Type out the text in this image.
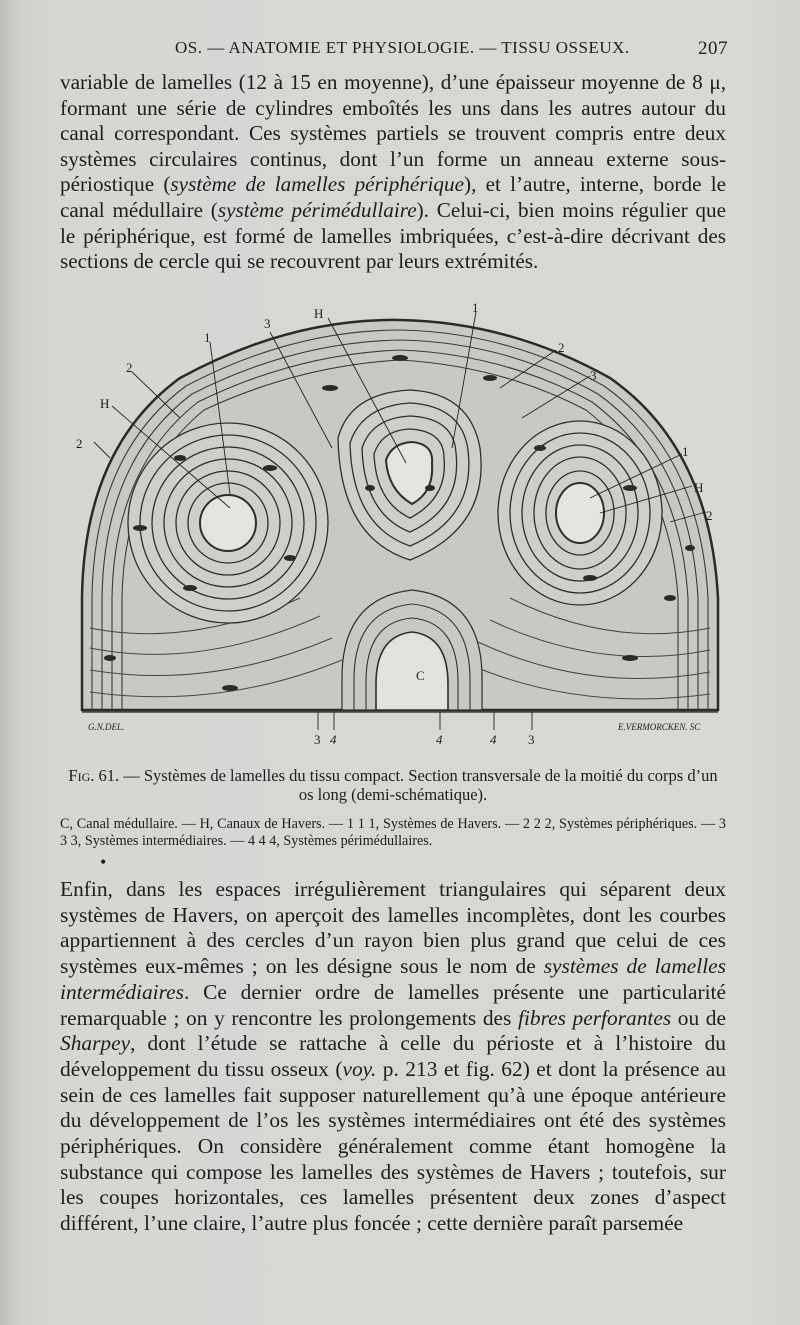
OS. — ANATOMIE ET PHYSIOLOGIE. — TISSU OSSEUX.	207
variable de lamelles (12 à 15 en moyenne), d’une épaisseur moyenne de 8 μ, formant une série de cylindres emboîtés les uns dans les autres autour du canal correspondant. Ces systèmes partiels se trouvent compris entre deux systèmes circulaires continus, dont l’un forme un anneau externe sous-périostique (système de lamelles périphérique), et l’autre, interne, borde le canal médullaire (système périmédullaire). Celui-ci, bien moins régulier que le périphérique, est formé de lamelles imbriquées, c’est-à-dire décrivant des sections de cercle qui se recouvrent par leurs extrémités.
H	1
1
3
2
H
2
2
3
1
H
2
C
3 4	4	4 3
G.N.DEL.	E.VERMORCKEN. SC
Fig. 61. — Systèmes de lamelles du tissu compact. Section transversale de la moitié du corps d’un os long (demi-schématique).
C, Canal médullaire. — H, Canaux de Havers. — 1 1 1, Systèmes de Havers. — 2 2 2, Systèmes périphériques. — 3 3 3, Systèmes intermédiaires. — 4 4 4, Systèmes périmédullaires.
•
Enfin, dans les espaces irrégulièrement triangulaires qui séparent deux systèmes de Havers, on aperçoit des lamelles incomplètes, dont les courbes appartiennent à des cercles d’un rayon bien plus grand que celui de ces systèmes eux-mêmes ; on les désigne sous le nom de systèmes de lamelles intermédiaires. Ce dernier ordre de lamelles présente une particularité remarquable ; on y rencontre les prolongements des fibres perforantes ou de Sharpey, dont l’étude se rattache à celle du périoste et à l’histoire du développement du tissu osseux (voy. p. 213 et fig. 62) et dont la présence au sein de ces lamelles fait supposer naturellement qu’à une époque antérieure du développement de l’os les systèmes intermédiaires ont été des systèmes périphériques. On considère généralement comme étant homogène la substance qui compose les lamelles des systèmes de Havers ; toutefois, sur les coupes horizontales, ces lamelles présentent deux zones d’aspect différent, l’une claire, l’autre plus foncée ; cette dernière paraît parsemée
